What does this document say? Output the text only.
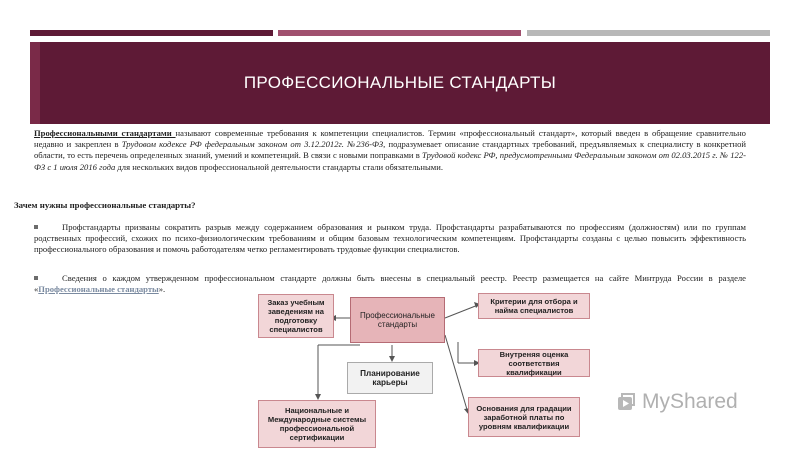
ПРОФЕССИОНАЛЬНЫЕ СТАНДАРТЫ
Профессиональными стандартами называют современные требования к компетенции специалистов. Термин «профессиональный стандарт», который введен в обращение сравнительно недавно и закреплен в Трудовом кодексе РФ федеральным законом от 3.12.2012г. №236-ФЗ, подразумевает описание стандартных требований, предъявляемых к специалисту в конкретной области, то есть перечень определенных знаний, умений и компетенций. В связи с новыми поправками в Трудовой кодекс РФ, предусмотренными Федеральным законом от 02.03.2015 г. № 122-ФЗ с 1 июля 2016 года для нескольких видов профессиональной деятельности стандарты стали обязательными.
Зачем нужны профессиональные стандарты?
Профстандарты призваны сократить разрыв между содержанием образования и рынком труда. Профстандарты разрабатываются по профессиям (должностям) или по группам родственных профессий, схожих по психо-физиологическим требованиям и общим базовым технологическим компетенциям. Профстандарты созданы с целью повысить эффективность профессионального образования и помочь работодателям четко регламентировать трудовые функции специалистов.
Сведения о каждом утвержденном профессиональном стандарте должны быть внесены в специальный реестр. Реестр размещается на сайте Минтруда России в разделе «Профессиональные стандарты».
Заказ учебным заведениям на подготовку специалистов
Профессиональные стандарты
Критерии для отбора и найма специалистов
Внутреняя оценка соответствия квалификации
Планирование карьеры
Национальные и Международные системы профессиональной сертификации
Основания для градации заработной платы по уровням квалификации
MyShared
